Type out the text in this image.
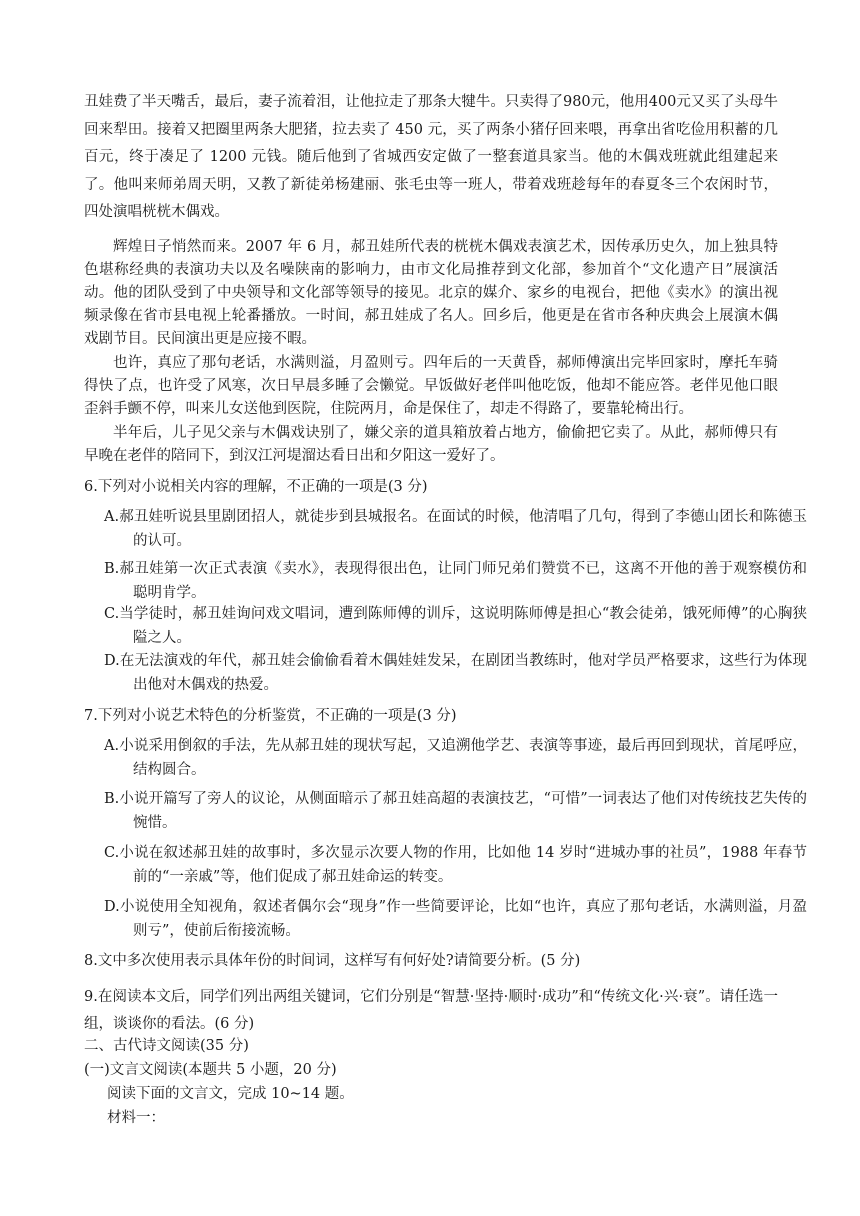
丑娃费了半天嘴舌，最后，妻子流着泪，让他拉走了那条大犍牛。只卖得了980元，他用400元又买了头母牛回来犁田。接着又把圈里两条大肥猪，拉去卖了 450 元，买了两条小猪仔回来喂，再拿出省吃俭用积蓄的几百元，终于凑足了 1200 元钱。随后他到了省城西安定做了一整套道具家当。他的木偶戏班就此组建起来了。他叫来师弟周天明，又教了新徒弟杨建丽、张毛虫等一班人，带着戏班趁每年的春夏冬三个农闲时节，四处演唱桄桄木偶戏。
辉煌日子悄然而来。2007 年 6 月，郝丑娃所代表的桄桄木偶戏表演艺术，因传承历史久，加上独具特色堪称经典的表演功夫以及名噪陕南的影响力，由市文化局推荐到文化部，参加首个“文化遗产日”展演活动。他的团队受到了中央领导和文化部等领导的接见。北京的媒介、家乡的电视台，把他《卖水》的演出视频录像在省市县电视上轮番播放。一时间，郝丑娃成了名人。回乡后，他更是在省市各种庆典会上展演木偶戏剧节目。民间演出更是应接不暇。
也许，真应了那句老话，水满则溢，月盈则亏。四年后的一天黄昏，郝师傅演出完毕回家时，摩托车骑得快了点，也许受了风寒，次日早晨多睡了会懒觉。早饭做好老伴叫他吃饭，他却不能应答。老伴见他口眼歪斜手颤不停，叫来儿女送他到医院，住院两月，命是保住了，却走不得路了，要靠轮椅出行。
半年后，儿子见父亲与木偶戏诀别了，嫌父亲的道具箱放着占地方，偷偷把它卖了。从此，郝师傅只有早晚在老伴的陪同下，到汉江河堤溜达看日出和夕阳这一爱好了。
6.下列对小说相关内容的理解，不正确的一项是(3 分)
A.郝丑娃听说县里剧团招人，就徒步到县城报名。在面试的时候，他清唱了几句，得到了李德山团长和陈德玉的认可。
B.郝丑娃第一次正式表演《卖水》，表现得很出色，让同门师兄弟们赞赏不已，这离不开他的善于观察模仿和聪明肯学。
C.当学徒时，郝丑娃询问戏文唱词，遭到陈师傅的训斥，这说明陈师傅是担心“教会徒弟，饿死师傅”的心胸狭隘之人。
D.在无法演戏的年代，郝丑娃会偷偷看着木偶娃娃发呆，在剧团当教练时，他对学员严格要求，这些行为体现出他对木偶戏的热爱。
7.下列对小说艺术特色的分析鉴赏，不正确的一项是(3 分)
A.小说采用倒叙的手法，先从郝丑娃的现状写起，又追溯他学艺、表演等事迹，最后再回到现状，首尾呼应，结构圆合。
B.小说开篇写了旁人的议论，从侧面暗示了郝丑娃高超的表演技艺，“可惜”一词表达了他们对传统技艺失传的惋惜。
C.小说在叙述郝丑娃的故事时，多次显示次要人物的作用，比如他 14 岁时“进城办事的社员”，1988 年春节前的“一亲戚”等，他们促成了郝丑娃命运的转变。
D.小说使用全知视角，叙述者偶尔会“现身”作一些简要评论，比如“也许，真应了那句老话，水满则溢，月盈则亏”，使前后衔接流畅。
8.文中多次使用表示具体年份的时间词，这样写有何好处?请简要分析。(5 分)
9.在阅读本文后，同学们列出两组关键词，它们分别是“智慧·坚持·顺时·成功”和“传统文化·兴·衰”。请任选一组，谈谈你的看法。(6 分)
二、古代诗文阅读(35 分)
(一)文言文阅读(本题共 5 小题，20 分)
阅读下面的文言文，完成 10~14 题。
材料一：
